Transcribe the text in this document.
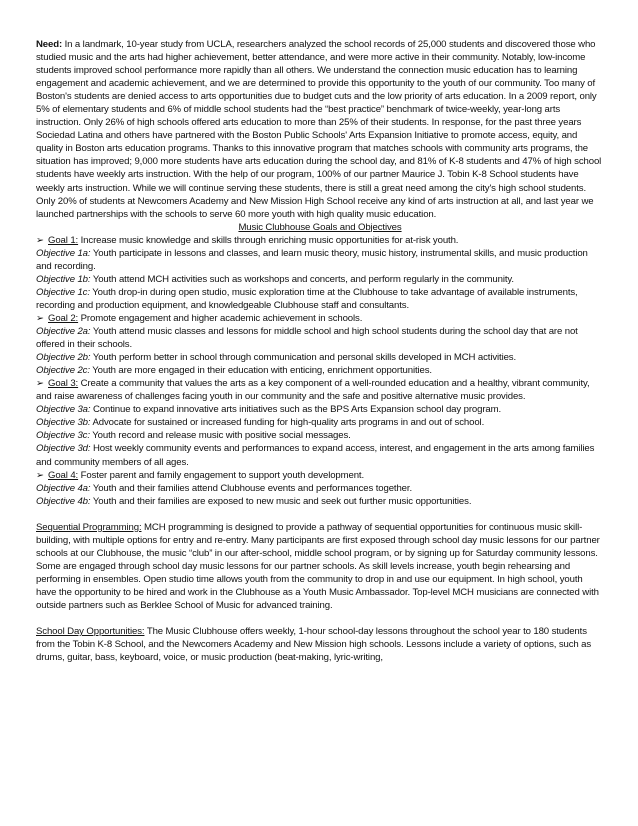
Need: In a landmark, 10-year study from UCLA, researchers analyzed the school records of 25,000 students and discovered those who studied music and the arts had higher achievement, better attendance, and were more active in their community. Notably, low-income students improved school performance more rapidly than all others. We understand the connection music education has to learning engagement and academic achievement, and we are determined to provide this opportunity to the youth of our community. Too many of Boston's students are denied access to arts opportunities due to budget cuts and the low priority of arts education. In a 2009 report, only 5% of elementary students and 6% of middle school students had the “best practice” benchmark of twice-weekly, year-long arts instruction. Only 26% of high schools offered arts education to more than 25% of their students. In response, for the past three years Sociedad Latina and others have partnered with the Boston Public Schools' Arts Expansion Initiative to promote access, equity, and quality in Boston arts education programs. Thanks to this innovative program that matches schools with community arts programs, the situation has improved; 9,000 more students have arts education during the school day, and 81% of K-8 students and 47% of high school students have weekly arts instruction. With the help of our program, 100% of our partner Maurice J. Tobin K-8 School students have weekly arts instruction. While we will continue serving these students, there is still a great need among the city's high school students. Only 20% of students at Newcomers Academy and New Mission High School receive any kind of arts instruction at all, and last year we launched partnerships with the schools to serve 60 more youth with high quality music education.

Music Clubhouse Goals and Objectives

➢ Goal 1: Increase music knowledge and skills through enriching music opportunities for at-risk youth.

Objective 1a: Youth participate in lessons and classes, and learn music theory, music history, instrumental skills, and music production and recording.

Objective 1b: Youth attend MCH activities such as workshops and concerts, and perform regularly in the community.

Objective 1c: Youth drop-in during open studio, music exploration time at the Clubhouse to take advantage of available instruments, recording and production equipment, and knowledgeable Clubhouse staff and consultants.

➢ Goal 2: Promote engagement and higher academic achievement in schools.

Objective 2a: Youth attend music classes and lessons for middle school and high school students during the school day that are not offered in their schools.

Objective 2b: Youth perform better in school through communication and personal skills developed in MCH activities.

Objective 2c: Youth are more engaged in their education with enticing, enrichment opportunities.

➢ Goal 3: Create a community that values the arts as a key component of a well-rounded education and a healthy, vibrant community, and raise awareness of challenges facing youth in our community and the safe and positive alternative music provides.

Objective 3a: Continue to expand innovative arts initiatives such as the BPS Arts Expansion school day program.

Objective 3b: Advocate for sustained or increased funding for high-quality arts programs in and out of school.

Objective 3c: Youth record and release music with positive social messages.

Objective 3d: Host weekly community events and performances to expand access, interest, and engagement in the arts among families and community members of all ages.

➢ Goal 4: Foster parent and family engagement to support youth development.

Objective 4a: Youth and their families attend Clubhouse events and performances together.

Objective 4b: Youth and their families are exposed to new music and seek out further music opportunities.

Sequential Programming: MCH programming is designed to provide a pathway of sequential opportunities for continuous music skill-building, with multiple options for entry and re-entry. Many participants are first exposed through school day music lessons for our partner schools at our Clubhouse, the music “club” in our after-school, middle school program, or by signing up for Saturday community lessons. Some are engaged through school day music lessons for our partner schools. As skill levels increase, youth begin rehearsing and performing in ensembles. Open studio time allows youth from the community to drop in and use our equipment. In high school, youth have the opportunity to be hired and work in the Clubhouse as a Youth Music Ambassador. Top-level MCH musicians are connected with outside partners such as Berklee School of Music for advanced training.

School Day Opportunities: The Music Clubhouse offers weekly, 1-hour school-day lessons throughout the school year to 180 students from the Tobin K-8 School, and the Newcomers Academy and New Mission high schools. Lessons include a variety of options, such as drums, guitar, bass, keyboard, voice, or music production (beat-making, lyric-writing,
